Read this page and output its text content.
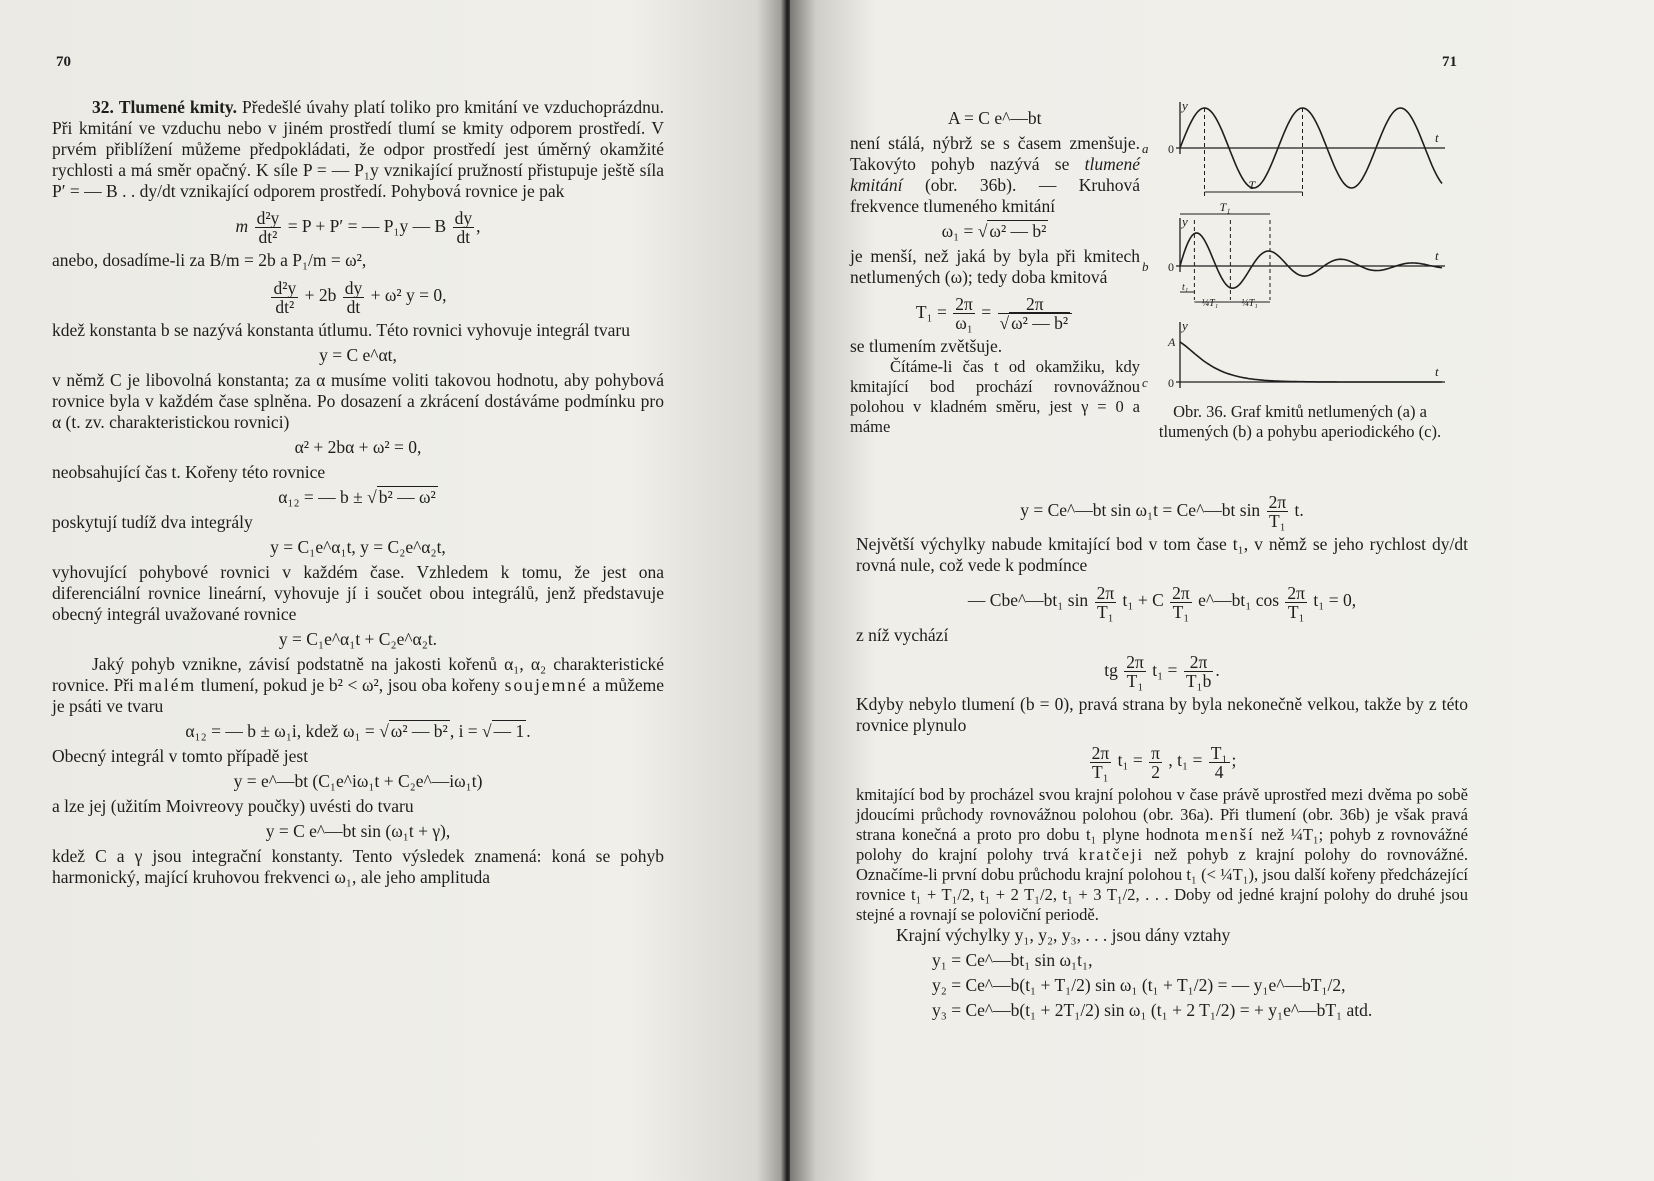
70

32. Tlumené kmity. Předešlé úvahy platí toliko pro kmitání ve vzduchoprázdnu. Při kmitání ve vzduchu nebo v jiném prostředí tlumí se kmity odporem prostředí. V prvém přiblížení můžeme předpokládati, že odpor prostředí jest úměrný okamžité rychlosti a má směr opačný. K síle P = — P₁y vznikající pružností přistupuje ještě síla P′ = — B . . dy/dt vznikající odporem prostředí. Pohybová rovnice je pak

m $\frac{\text{d²y}}{\text{dt²}} = P + P'$ = — P₁y — B $\frac{dy}{dt}$ ,

anebo, dosadíme-li za B/m = 2b a P₁/m = ω²,

$\frac{\text{d²y}}{\text{dt²}} + 2b \frac{dy}{dt} + \omega^2$ y = 0,

kdež konstanta b se nazývá konstanta útlumu. Této rovnici vyhovuje integrál tvaru

y = C e^αt,

v němž C je libovolná konstanta; za α musíme voliti takovou hodnotu, aby pohybová rovnice byla v každém čase splněna. Po dosazení a zkrácení dostáváme podmínku pro α (t. zv. charakteristickou rovnici)

α² + 2bα + ω² = 0,

neobsahující čas t. Kořeny této rovnice

α₁₂ = — b ± √ b² — ω²

poskytují tudíž dva integrály

y = C₁e^α₁t, y = C₂e^α₂t,

vyhovující pohybové rovnici v každém čase. Vzhledem k tomu, že jest ona diferenciální rovnice lineární, vyhovuje jí i součet obou integrálů, jenž představuje obecný integrál uvažované rovnice

y = C₁e^α₁t + C₂e^α₂t.

Jaký pohyb vznikne, závisí podstatně na jakosti kořenů α₁, α₂ charakteristické rovnice. Při malém tlumení, pokud je b² < ω², jsou oba kořeny soujemné a můžeme je psáti ve tvaru

α₁₂ = — b ± ω₁i, kdež ω₁ = √ ω² — b² , i = √ — 1 .

Obecný integrál v tomto případě jest

y = e^—bt (C₁e^iω₁t + C₂e^—iω₁t)

a lze jej (užitím Moivreovy poučky) uvésti do tvaru

y = C e^—bt sin (ω₁t + γ),

kdež C a γ jsou integrační konstanty. Tento výsledek znamená: koná se pohyb harmonický, mající kruhovou frekvenci ω₁, ale jeho amplituda

71
A = C e^—bt

není stálá, nýbrž se s časem zmenšuje. Takovýto pohyb nazývá se tlumené kmitání (obr. 36b). — Kruhová frekvence tlumeného kmitání

ω₁ = √ ω² — b²

je menší, než jaká by byla při kmitech netlumených (ω); tedy doba kmitová

$T_1 = \frac{2\pi}{\text{ω₁}} = \frac{2\pi}{\text{√ ω² — b²}}$

se tlumením zvětšuje.

Čítáme-li čas t od okamžiku, kdy kmitající bod prochází rovnovážnou polohou v kladném směru, jest γ = 0 a máme

y
t
0
a
T
T₁
y
t
0
b
t₁
¼T₁ ¼T₁
y
t
0
c
A
Obr. 36. Graf kmitů netlumených (a) a tlumených (b) a pohybu aperiodického (c).
y = Ce^—bt sin ω₁t = Ce^—bt $\sin \frac{2\pi}{\text{T₁}} t$.

Největší výchylky nabude kmitající bod v tom čase t₁, v němž se jeho rychlost dy/dt rovná nule, což vede k podmínce

— Cbe^—bt₁ $\sin \frac{2\pi}{\text{T₁}} t_1 + C \frac{2\pi}{\text{T₁}}$ e^—bt₁ $\cos \frac{2\pi}{\text{T₁}} t_1 = 0$,

z níž vychází

tg $\frac{2\pi}{\text{T₁}} t_1 = \frac{2\pi}{\text{T₁b}}$ .

Kdyby nebylo tlumení (b = 0), pravá strana by byla nekonečně velkou, takže by z této rovnice plynulo

$\frac{2\pi}{\text{T₁}} t_1 = \frac{\pi}{2}$ , $t_1 = \frac{\text{T₁}}{4}$ ;

kmitající bod by procházel svou krajní polohou v čase právě uprostřed mezi dvěma po sobě jdoucími průchody rovnovážnou polohou (obr. 36a). Při tlumení (obr. 36b) je však pravá strana konečná a proto pro dobu t₁ plyne hodnota menší než ¼T₁; pohyb z rovnovážné polohy do krajní polohy trvá kratčeji než pohyb z krajní polohy do rovnovážné. Označíme-li první dobu průchodu krajní polohou t₁ (< ¼T₁), jsou další kořeny předcházející rovnice t₁ + T₁/2, t₁ + 2 T₁/2, t₁ + 3 T₁/2, . . . Doby od jedné krajní polohy do druhé jsou stejné a rovnají se poloviční periodě.

Krajní výchylky y₁, y₂, y₃, . . . jsou dány vztahy

y₁ = Ce^—bt₁ sin ω₁t₁,
y₂ = Ce^—b(t₁ + T₁/2) sin ω₁ (t₁ + T₁/2) = — y₁e^—bT₁/2,
y₃ = Ce^—b(t₁ + 2T₁/2) sin ω₁ (t₁ + 2 T₁/2) = + y₁e^—bT₁ atd.
